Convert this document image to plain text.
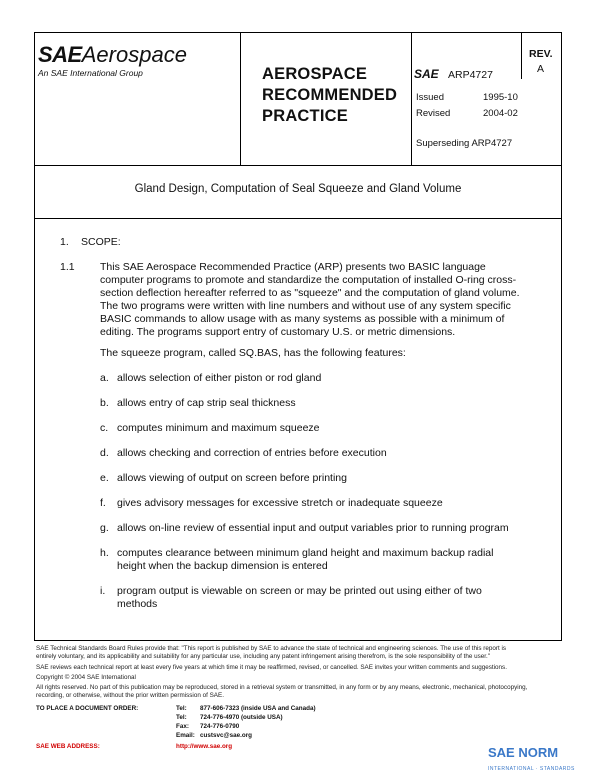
SAEAerospace
An SAE International Group	AEROSPACE
RECOMMENDED
PRACTICE
SAE ARP4727
REV.
A
Issued	1995-10
Revised	2004-02
Superseding ARP4727
Gland Design, Computation of Seal Squeeze and Gland Volume
1. SCOPE:
1.1 This SAE Aerospace Recommended Practice (ARP) presents two BASIC language
computer programs to promote and standardize the computation of installed O-ring cross-
section deflection hereafter referred to as "squeeze" and the computation of gland volume.
The two programs were written with line numbers and without use of any system specific
BASIC commands to allow usage with as many systems as possible with a minimum of
editing. The programs support entry of customary U.S. or metric dimensions.
The squeeze program, called SQ.BAS, has the following features:
a. allows selection of either piston or rod gland
b. allows entry of cap strip seal thickness
c. computes minimum and maximum squeeze
d. allows checking and correction of entries before execution
e. allows viewing of output on screen before printing
f. gives advisory messages for excessive stretch or inadequate squeeze
g. allows on-line review of essential input and output variables prior to running program
h. computes clearance between minimum gland height and maximum backup radial
height when the backup dimension is entered
i. program output is viewable on screen or may be printed out using either of two
methods
SAE Technical Standards Board Rules provide that: "This report is published by SAE to advance the state of technical and engineering sciences. The use of this report is
entirely voluntary, and its applicability and suitability for any particular use, including any patent infringement arising therefrom, is the sole responsibility of the user."
SAE reviews each technical report at least every five years at which time it may be reaffirmed, revised, or cancelled. SAE invites your written comments and suggestions.
Copyright © 2004 SAE International
All rights reserved. No part of this publication may be reproduced, stored in a retrieval system or transmitted, in any form or by any means, electronic, mechanical, photocopying,
recording, or otherwise, without the prior written permission of SAE.
TO PLACE A DOCUMENT ORDER:	Tel: 877-606-7323 (inside USA and Canada)
Tel: 724-776-4970 (outside USA)
Fax: 724-776-0790
Email: custsvc@sae.org
SAE WEB ADDRESS:	http://www.sae.org	SAE NORM
INTERNATIONAL · STANDARDS
